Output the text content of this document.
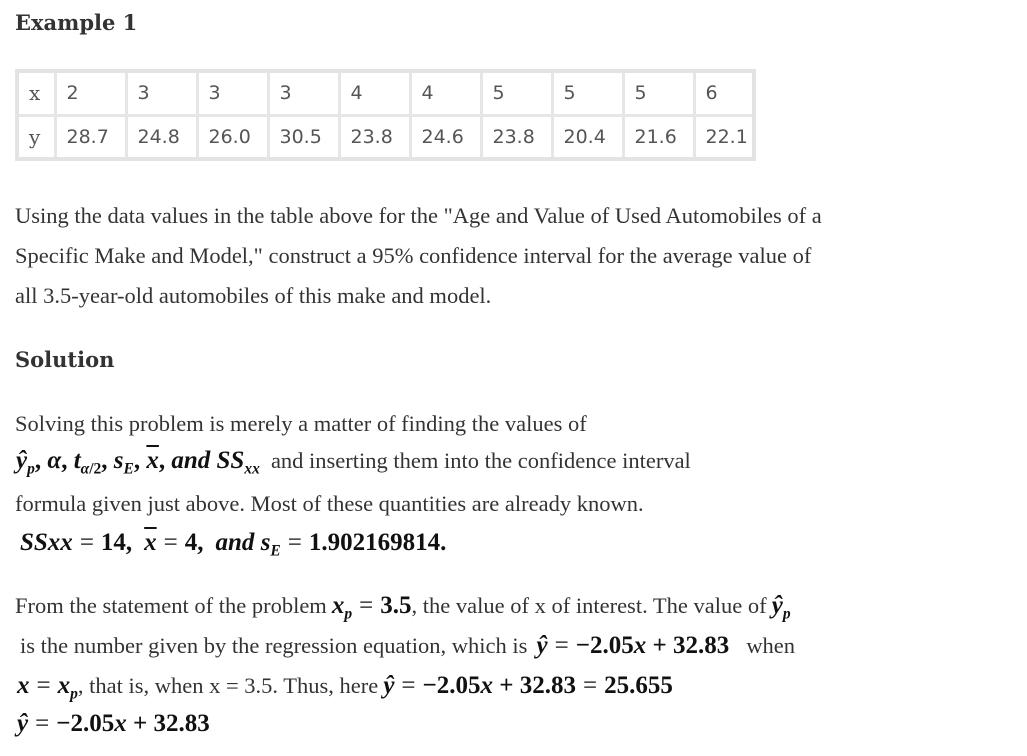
Example 1
x	2	3	3	3	4	4	5	5	5	6
y	28.7	24.8	26.0	30.5	23.8	24.6	23.8	20.4	21.6	22.1
Using the data values in the table above for the "Age and Value of Used Automobiles of a
Specific Make and Model," construct a 95% confidence interval for the average value of
all 3.5-year-old automobiles of this make and model.
Solution
Solving this problem is merely a matter of finding the values of
$ŷ_p$, α, $t_{\alpha/2}$, $s_E$, $\overline{x}$, and $SS_{xx}$ and inserting them into the confidence interval
formula given just above. Most of these quantities are already known.
SSxx = 14, $\overline{x} = 4$, and $s_E = 1.902169814$.
From the statement of the problem $x_p = 3.5$, the value of x of interest. The value of $ŷ_p$
is the number given by the regression equation, which is ŷ = −2.05x + 32.83 when
$x = x_p$, that is, when x = 3.5. Thus, here ŷ = −2.05x + 32.83 = 25.655
ŷ = −2.05x + 32.83
